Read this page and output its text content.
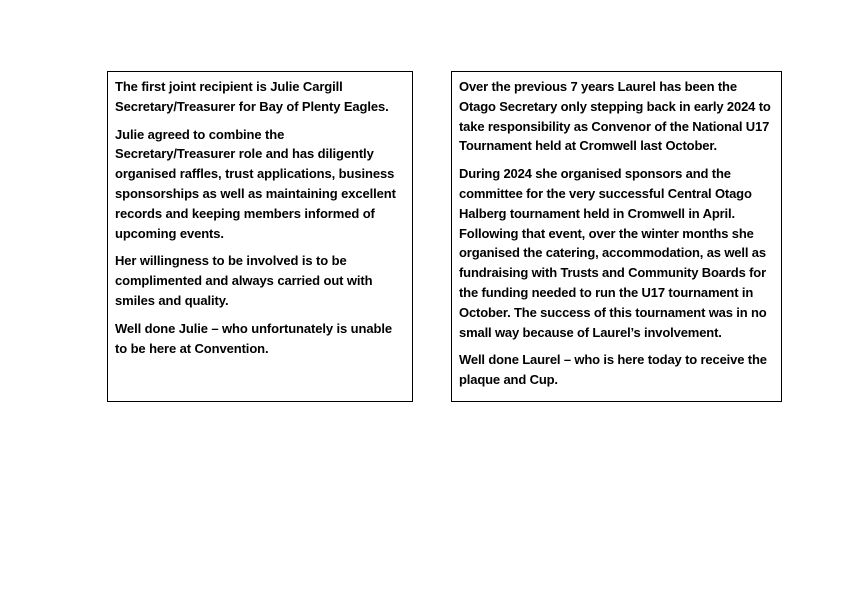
The first joint recipient is Julie Cargill Secretary/Treasurer for Bay of Plenty Eagles.

Julie agreed to combine the Secretary/Treasurer role and has diligently organised raffles, trust applications, business sponsorships as well as maintaining excellent records and keeping members informed of upcoming events.

Her willingness to be involved is to be complimented and always carried out with smiles and quality.

Well done Julie – who unfortunately is unable to be here at Convention.

Over the previous 7 years Laurel has been the Otago Secretary only stepping back in early 2024 to take responsibility as Convenor of the National U17 Tournament held at Cromwell last October.

During 2024 she organised sponsors and the committee for the very successful Central Otago Halberg tournament held in Cromwell in April. Following that event, over the winter months she organised the catering, accommodation, as well as fundraising with Trusts and Community Boards for the funding needed to run the U17 tournament in October. The success of this tournament was in no small way because of Laurel’s involvement.

Well done Laurel – who is here today to receive the plaque and Cup.
